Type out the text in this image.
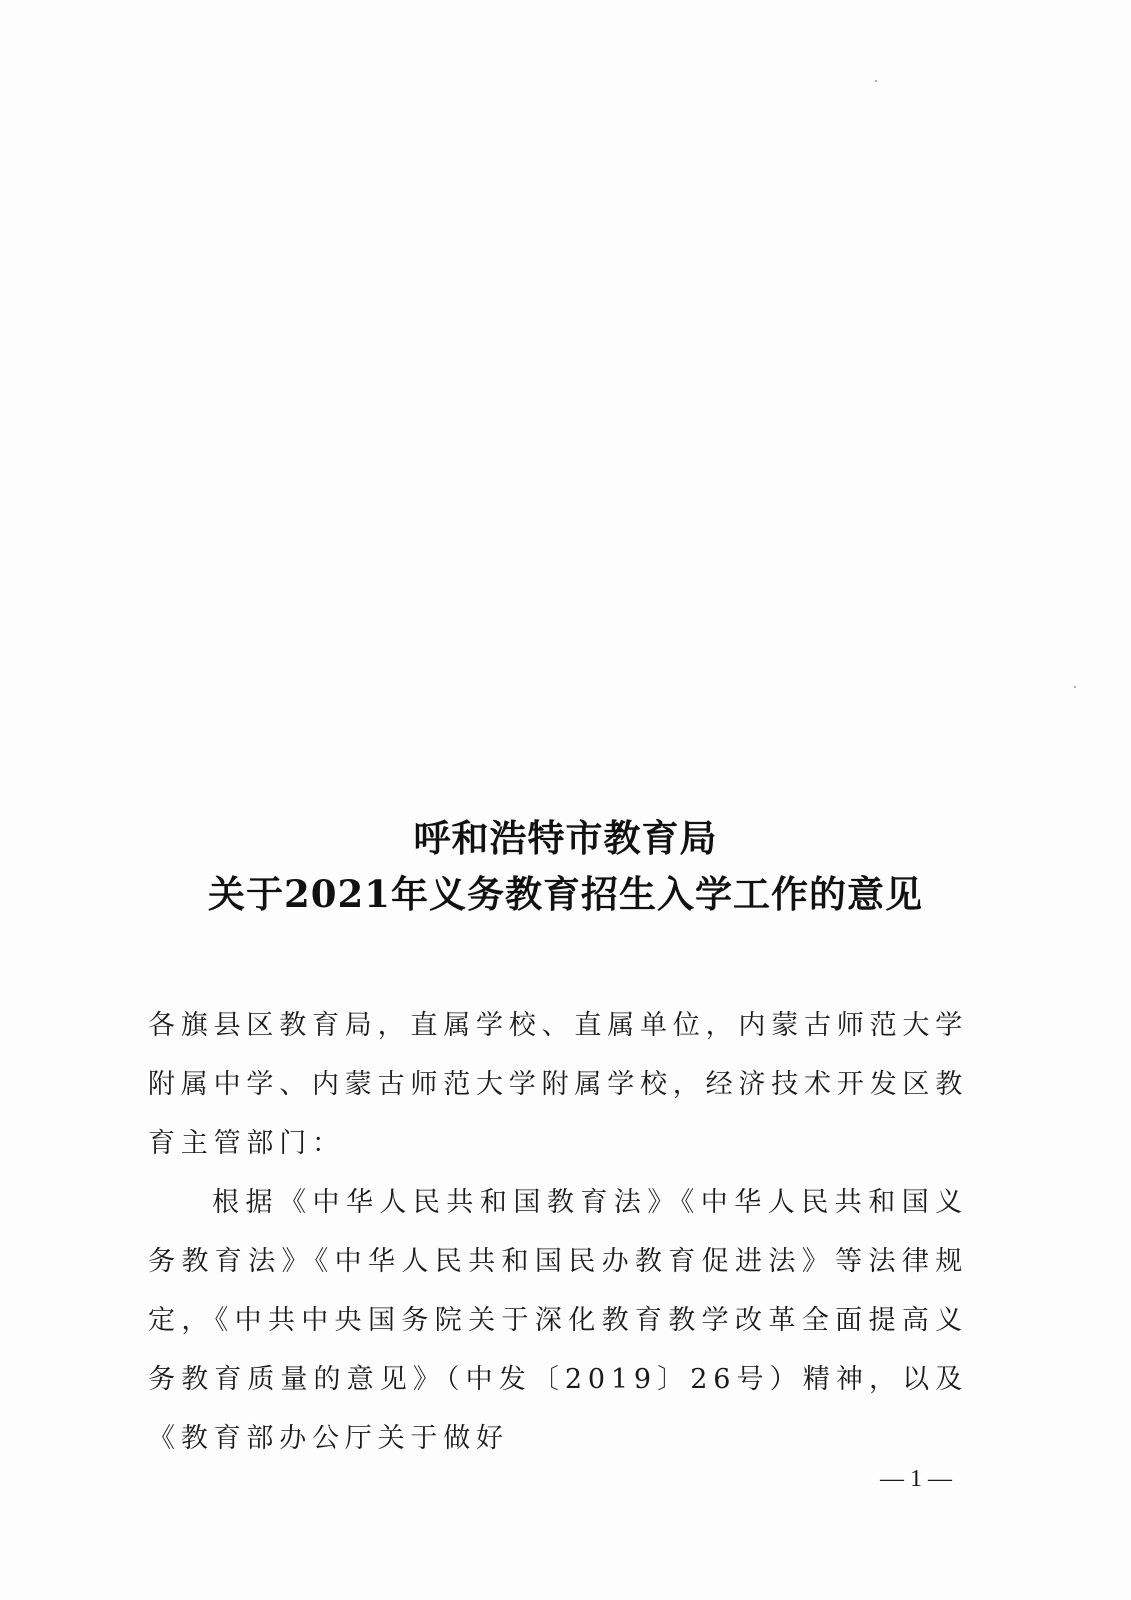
呼和浩特市教育局
关于2021年义务教育招生入学工作的意见

各旗县区教育局，直属学校、直属单位，内蒙古师范大学附属中学、内蒙古师范大学附属学校，经济技术开发区教育主管部门：

根据《中华人民共和国教育法》《中华人民共和国义务教育法》《中华人民共和国民办教育促进法》等法律规定，《中共中央国务院关于深化教育教学改革全面提高义务教育质量的意见》（中发〔2019〕26号）精神，以及《教育部办公厅关于做好

— 1 —
